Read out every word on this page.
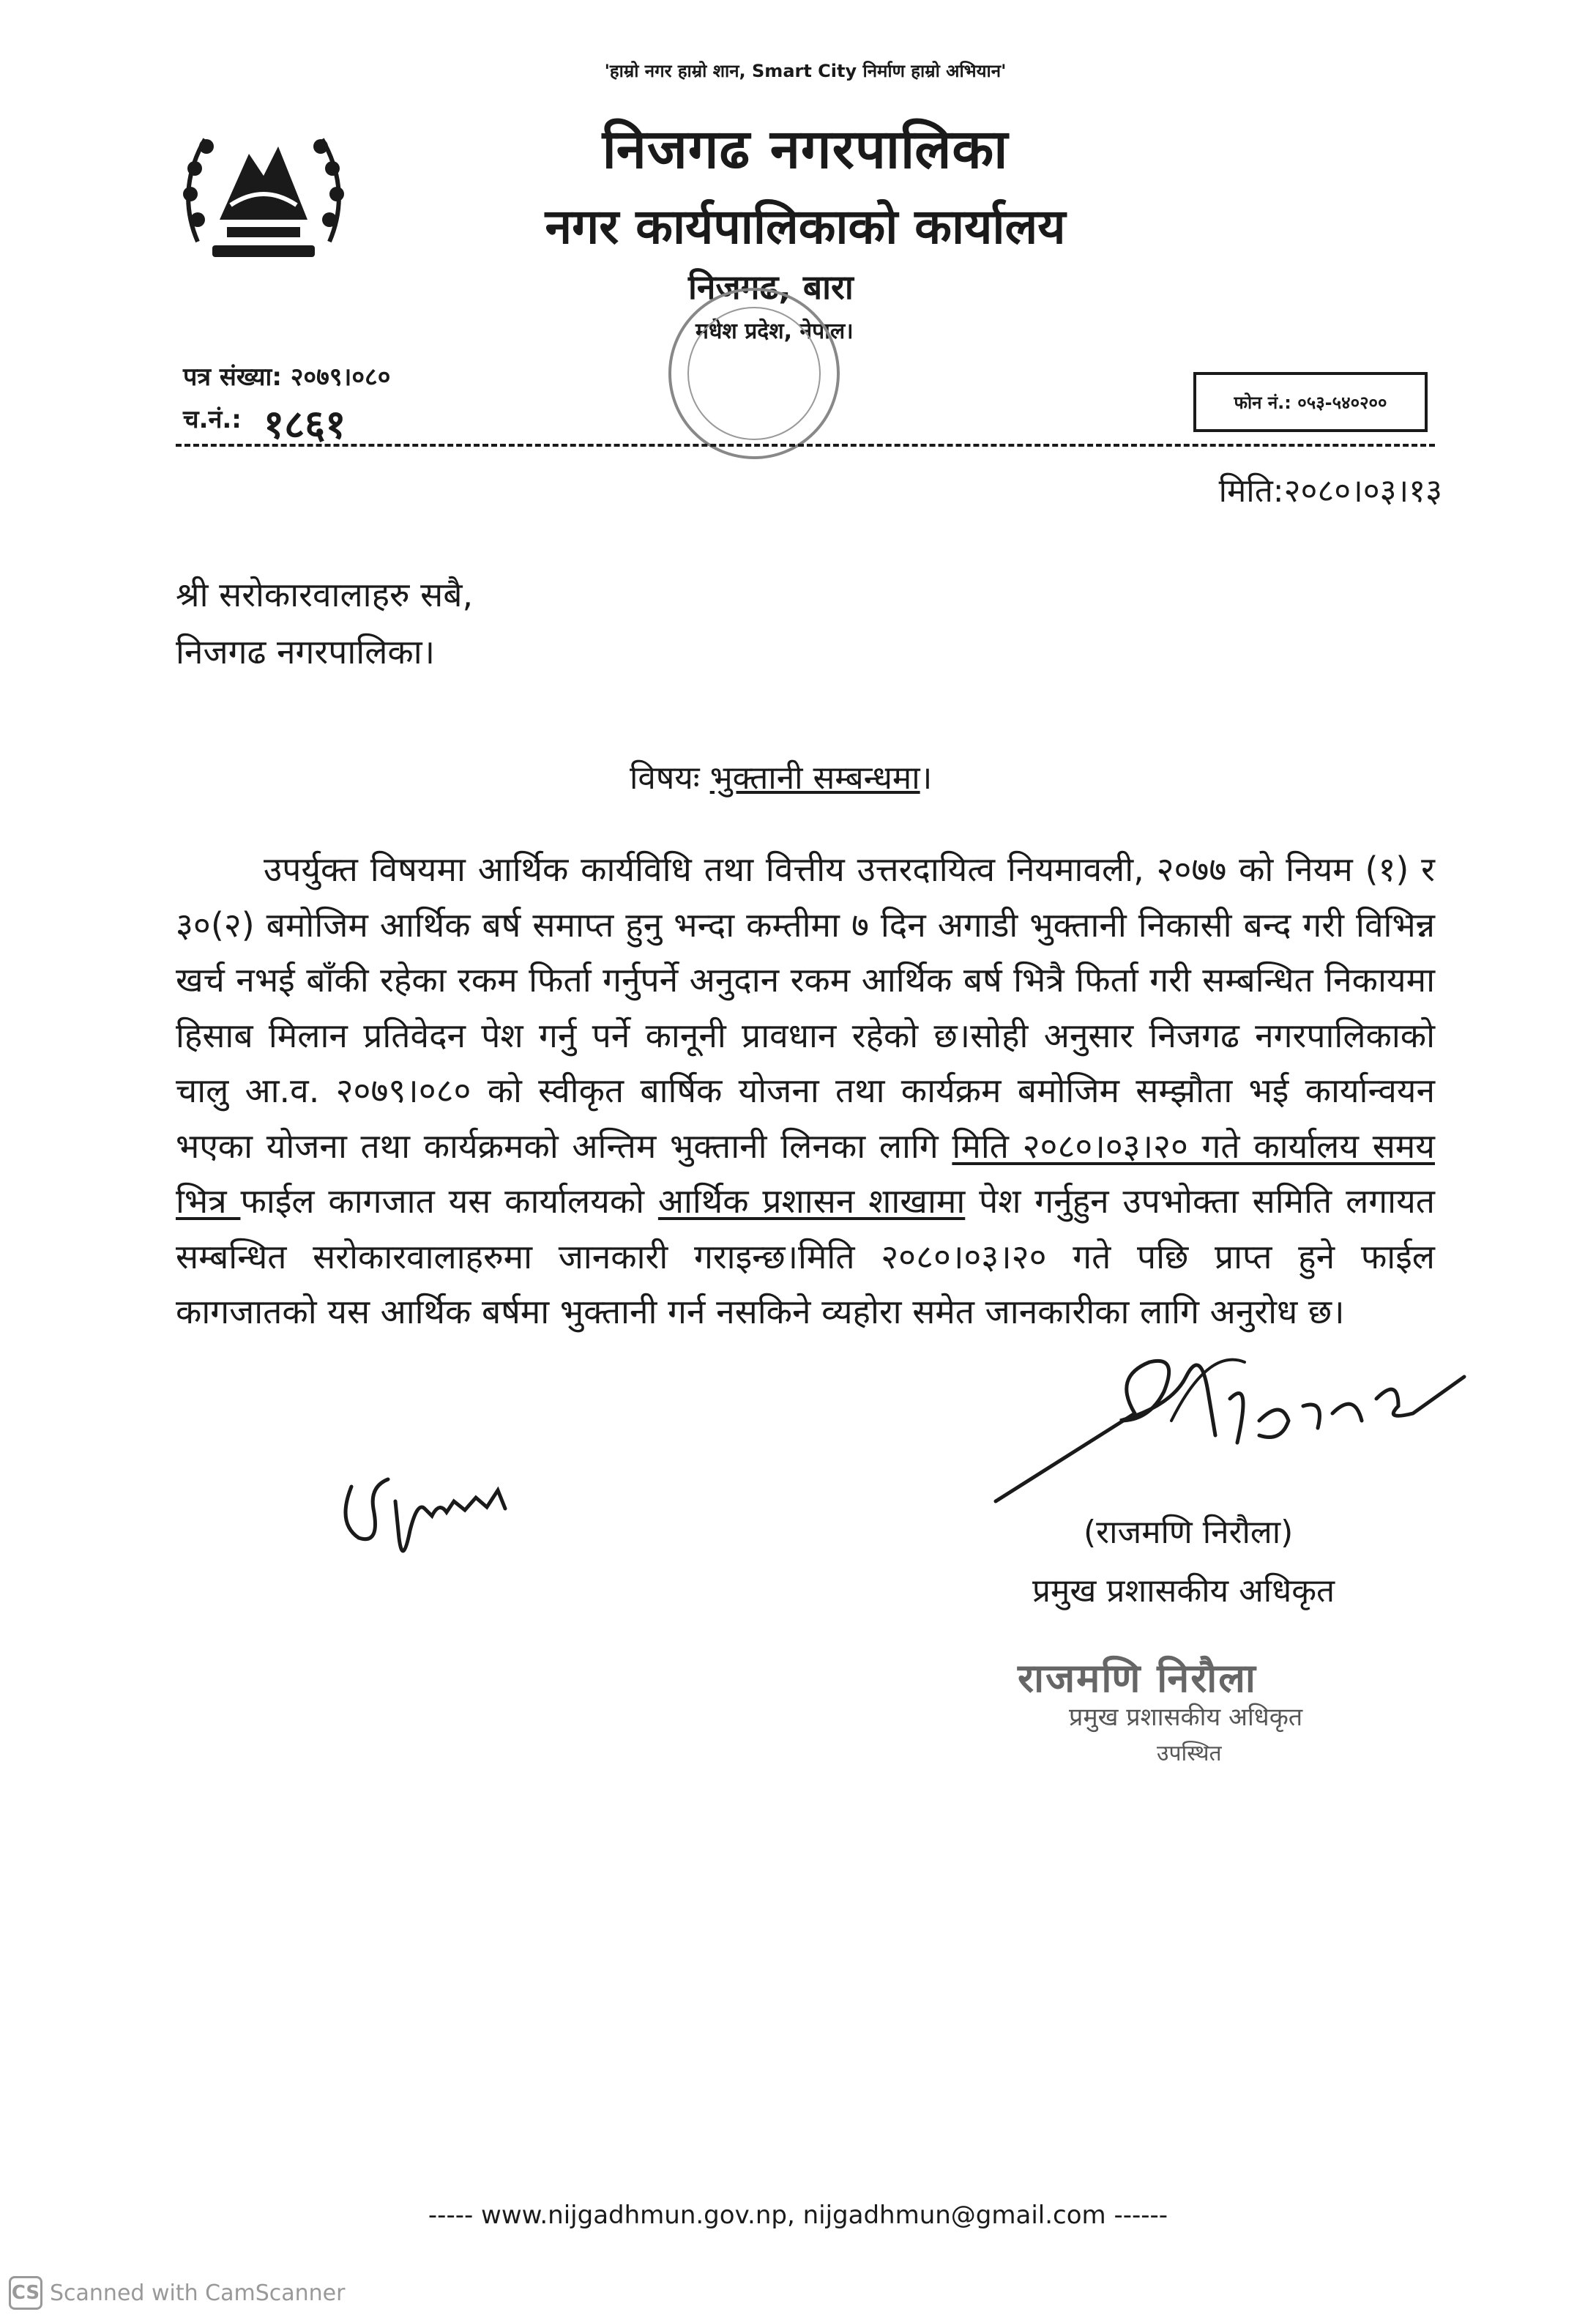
'हाम्रो नगर हाम्रो शान, Smart City निर्माण हाम्रो अभियान'
निजगढ नगरपालिका
नगर कार्यपालिकाको कार्यालय
निजगढ, बारा
मधेश प्रदेश, नेपाल।
पत्र संख्या: २०७९।०८०
च.नं.: १८६१	फोन नं.: ०५३-५४०२००
मिति:२०८०।०३।१३
श्री सरोकारवालाहरु सबै,
निजगढ नगरपालिका।
विषयः भुक्तानी सम्बन्धमा।
उपर्युक्त विषयमा आर्थिक कार्यविधि तथा वित्तीय उत्तरदायित्व नियमावली, २०७७ को नियम (१) र ३०(२) बमोजिम आर्थिक बर्ष समाप्त हुनु भन्दा कम्तीमा ७ दिन अगाडी भुक्तानी निकासी बन्द गरी विभिन्न खर्च नभई बाँकी रहेका रकम फिर्ता गर्नुपर्ने अनुदान रकम आर्थिक बर्ष भित्रै फिर्ता गरी सम्बन्धित निकायमा हिसाब मिलान प्रतिवेदन पेश गर्नु पर्ने कानूनी प्रावधान रहेको छ।सोही अनुसार निजगढ नगरपालिकाको चालु आ.व. २०७९।०८० को स्वीकृत बार्षिक योजना तथा कार्यक्रम बमोजिम सम्झौता भई कार्यान्वयन भएका योजना तथा कार्यक्रमको अन्तिम भुक्तानी लिनका लागि मिति २०८०।०३।२० गते कार्यालय समय भित्र फाईल कागजात यस कार्यालयको आर्थिक प्रशासन शाखामा पेश गर्नुहुन उपभोक्ता समिति लगायत सम्बन्धित सरोकारवालाहरुमा जानकारी गराइन्छ।मिति २०८०।०३।२० गते पछि प्राप्त हुने फाईल कागजातको यस आर्थिक बर्षमा भुक्तानी गर्न नसकिने व्यहोरा समेत जानकारीका लागि अनुरोध छ।
(राजमणि निरौला)
प्रमुख प्रशासकीय अधिकृत
राजमणि निरौला
प्रमुख प्रशासकीय अधिकृत
उपस्थित
----- www.nijgadhmun.gov.np, nijgadhmun@gmail.com ------
CS Scanned with CamScanner
